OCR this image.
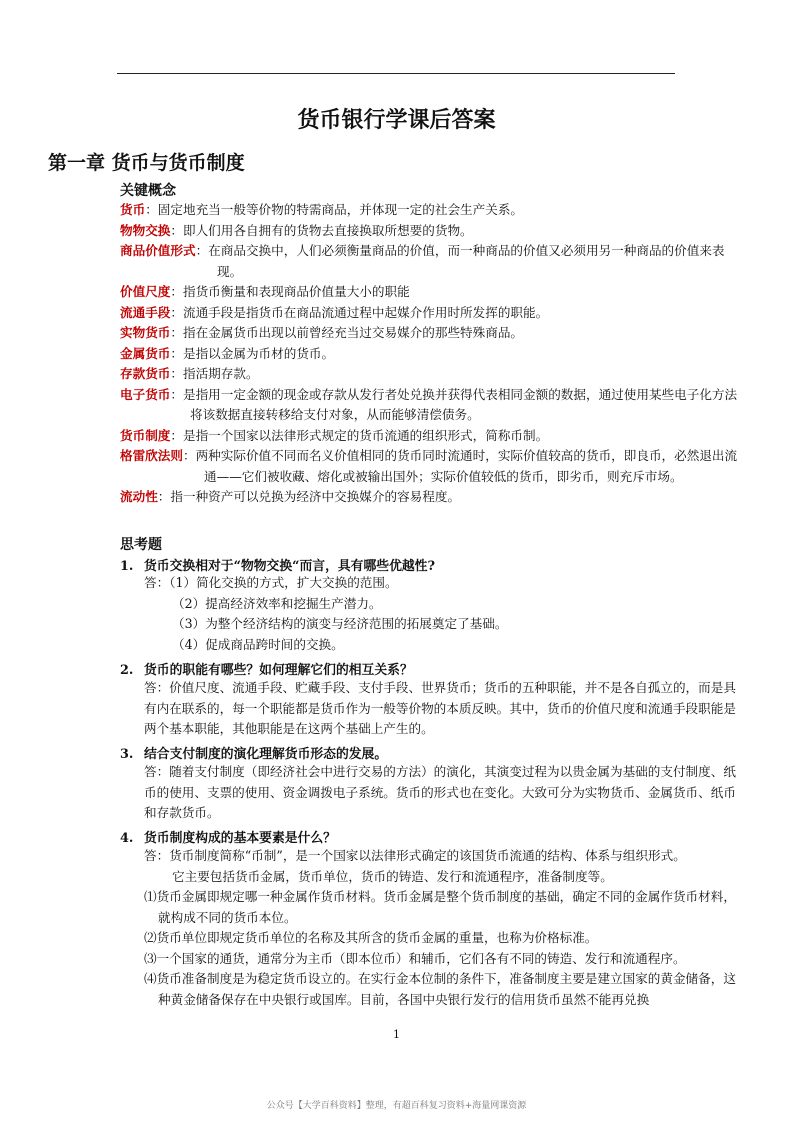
货币银行学课后答案
第一章 货币与货币制度
关键概念

货币：固定地充当一般等价物的特需商品，并体现一定的社会生产关系。

物物交换：即人们用各自拥有的货物去直接换取所想要的货物。

商品价值形式：在商品交换中，人们必须衡量商品的价值，而一种商品的价值又必须用另一种商品的价值来表现。

价值尺度：指货币衡量和表现商品价值量大小的职能

流通手段：流通手段是指货币在商品流通过程中起媒介作用时所发挥的职能。

实物货币：指在金属货币出现以前曾经充当过交易媒介的那些特殊商品。

金属货币：是指以金属为币材的货币。

存款货币：指活期存款。

电子货币：是指用一定金额的现金或存款从发行者处兑换并获得代表相同金额的数据，通过使用某些电子化方法将该数据直接转移给支付对象，从而能够清偿债务。

货币制度：是指一个国家以法律形式规定的货币流通的组织形式，简称币制。

格雷欣法则：两种实际价值不同而名义价值相同的货币同时流通时，实际价值较高的货币，即良币，必然退出流通——它们被收藏、熔化或被输出国外；实际价值较低的货币，即劣币，则充斥市场。

流动性：指一种资产可以兑换为经济中交换媒介的容易程度。

思考题
1. 货币交换相对于“物物交换“而言，具有哪些优越性?

答：（1）简化交换的方式，扩大交换的范围。

（2）提高经济效率和挖掘生产潜力。

（3）为整个经济结构的演变与经济范围的拓展奠定了基础。

（4）促成商品跨时间的交换。

2. 货币的职能有哪些？如何理解它们的相互关系？

答：价值尺度、流通手段、贮藏手段、支付手段、世界货币；货币的五种职能，并不是各自孤立的，而是具有内在联系的，每一个职能都是货币作为一般等价物的本质反映。其中，货币的价值尺度和流通手段职能是两个基本职能，其他职能是在这两个基础上产生的。

3. 结合支付制度的演化理解货币形态的发展。

答：随着支付制度（即经济社会中进行交易的方法）的演化，其演变过程为以贵金属为基础的支付制度、纸币的使用、支票的使用、资金调拨电子系统。货币的形式也在变化。大致可分为实物货币、金属货币、纸币和存款货币。

4. 货币制度构成的基本要素是什么？

答：货币制度简称“币制”，是一个国家以法律形式确定的该国货币流通的结构、体系与组织形式。

它主要包括货币金属，货币单位，货币的铸造、发行和流通程序，准备制度等。

⑴货币金属即规定哪一种金属作货币材料。货币金属是整个货币制度的基础，确定不同的金属作货币材料，就构成不同的货币本位。

⑵货币单位即规定货币单位的名称及其所含的货币金属的重量，也称为价格标准。

⑶一个国家的通货，通常分为主币（即本位币）和辅币，它们各有不同的铸造、发行和流通程序。

⑷货币准备制度是为稳定货币设立的。在实行金本位制的条件下，准备制度主要是建立国家的黄金储备，这种黄金储备保存在中央银行或国库。目前，各国中央银行发行的信用货币虽然不能再兑换

1
公众号【大学百科资料】整理，有超百科复习资料+海量网课资源
